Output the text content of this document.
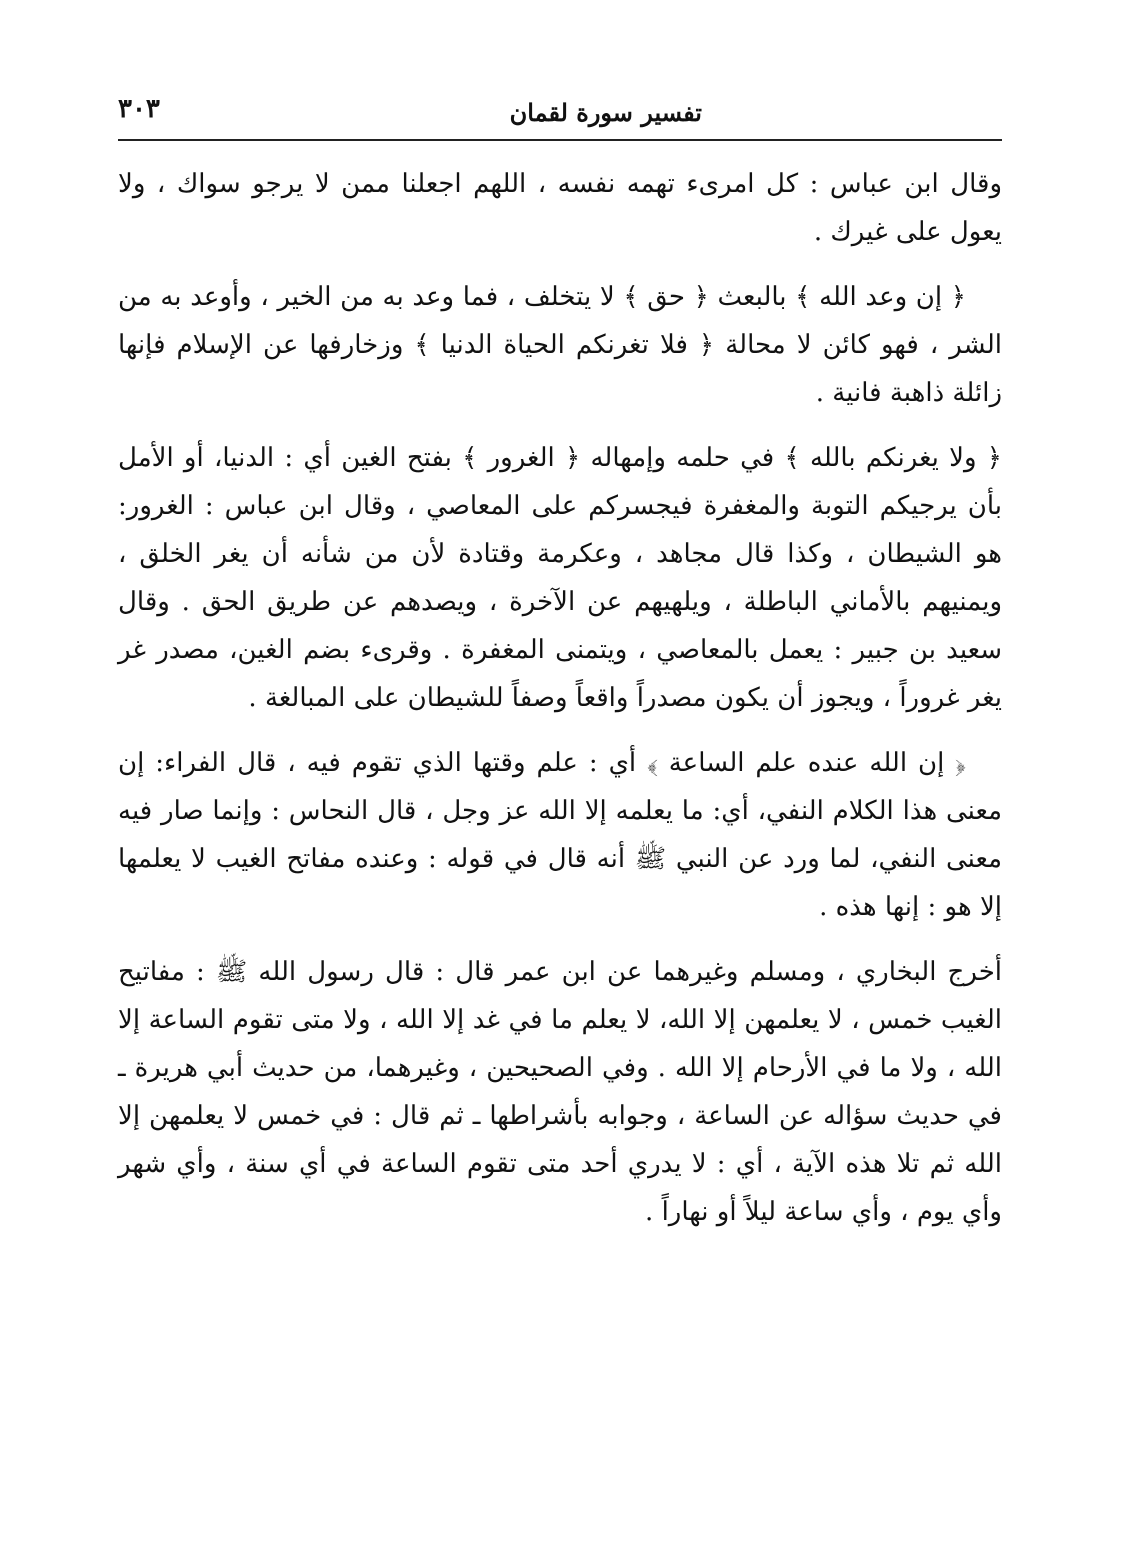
تفسير سورة لقمان
٣٠٣

وقال ابن عباس : كل امرىء تهمه نفسه ، اللهم اجعلنا ممن لا يرجو سواك ، ولا يعول على غيرك .

﴿ إن وعد الله ﴾ بالبعث ﴿ حق ﴾ لا يتخلف ، فما وعد به من الخير ، وأوعد به من الشر ، فهو كائن لا محالة ﴿ فلا تغرنكم الحياة الدنيا ﴾ وزخارفها عن الإسلام فإنها زائلة ذاهبة فانية .

﴿ ولا يغرنكم بالله ﴾ في حلمه وإمهاله ﴿ الغرور ﴾ بفتح الغين أي : الدنيا، أو الأمل بأن يرجيكم التوبة والمغفرة فيجسركم على المعاصي ، وقال ابن عباس : الغرور: هو الشيطان ، وكذا قال مجاهد ، وعكرمة وقتادة لأن من شأنه أن يغر الخلق ، ويمنيهم بالأماني الباطلة ، ويلهيهم عن الآخرة ، ويصدهم عن طريق الحق . وقال سعيد بن جبير : يعمل بالمعاصي ، ويتمنى المغفرة . وقرىء بضم الغين، مصدر غر يغر غروراً ، ويجوز أن يكون مصدراً واقعاً وصفاً للشيطان على المبالغة .

﴿ إن الله عنده علم الساعة ﴾ أي : علم وقتها الذي تقوم فيه ، قال الفراء: إن معنى هذا الكلام النفي، أي: ما يعلمه إلا الله عز وجل ، قال النحاس : وإنما صار فيه معنى النفي، لما ورد عن النبي ﷺ أنه قال في قوله : وعنده مفاتح الغيب لا يعلمها إلا هو : إنها هذه .

أخرج البخاري ، ومسلم وغيرهما عن ابن عمر قال : قال رسول الله ﷺ : مفاتيح الغيب خمس ، لا يعلمهن إلا الله، لا يعلم ما في غد إلا الله ، ولا متى تقوم الساعة إلا الله ، ولا ما في الأرحام إلا الله . وفي الصحيحين ، وغيرهما، من حديث أبي هريرة ـ في حديث سؤاله عن الساعة ، وجوابه بأشراطها ـ ثم قال : في خمس لا يعلمهن إلا الله ثم تلا هذه الآية ، أي : لا يدري أحد متى تقوم الساعة في أي سنة ، وأي شهر وأي يوم ، وأي ساعة ليلاً أو نهاراً .
